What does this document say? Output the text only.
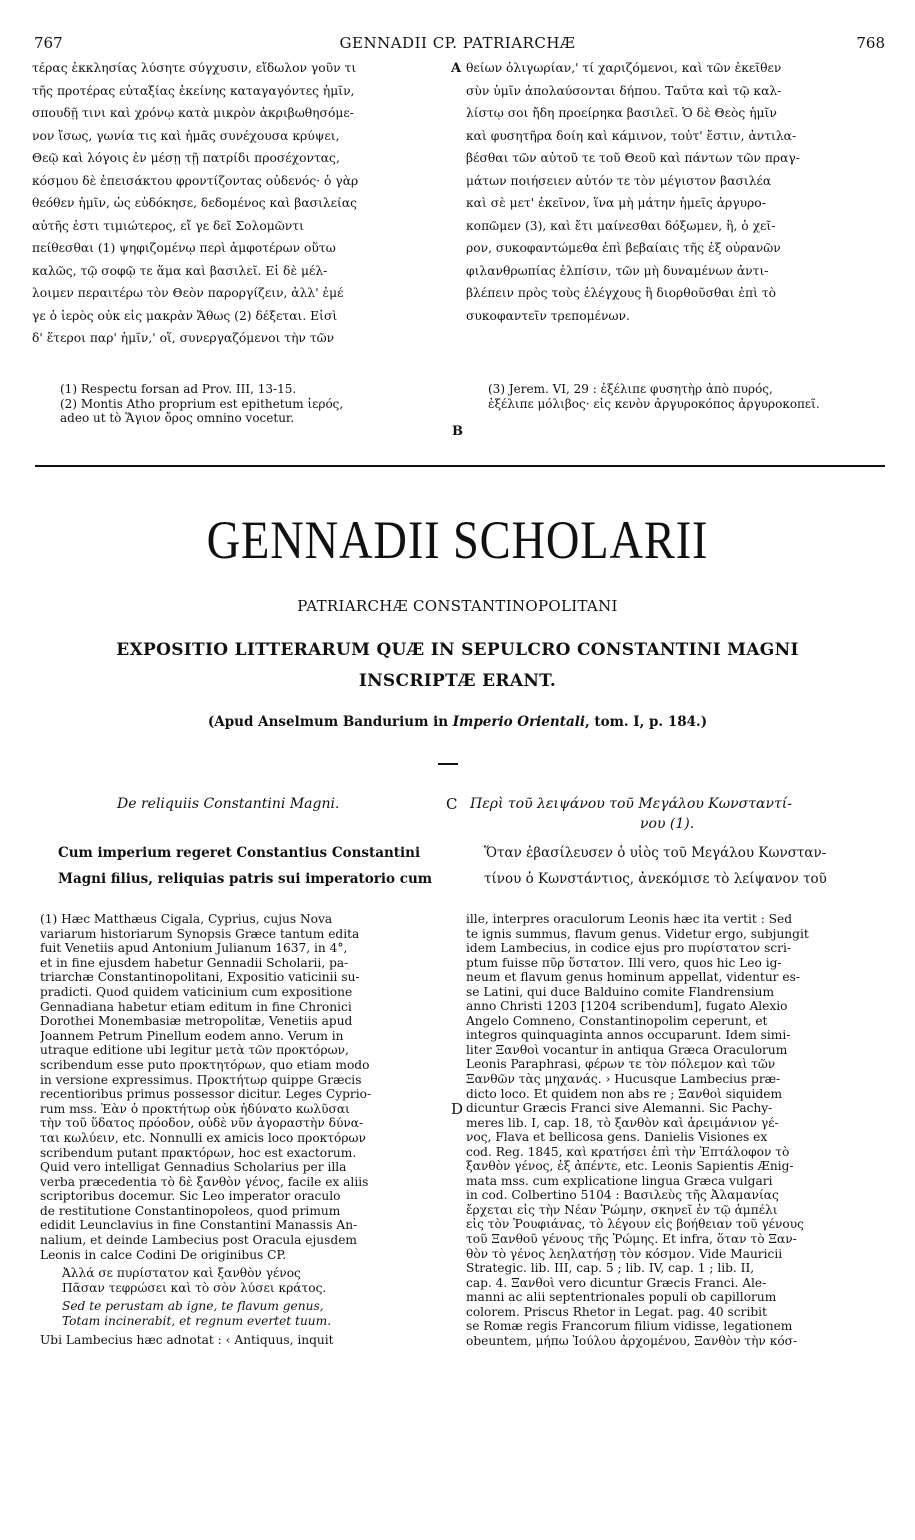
767	GENNADII CP. PATRIARCHÆ	768
τέρας ἐκκλησίας λύσητε σύγχυσιν, εἴδωλον γοῦν τι
τῆς προτέρας εὐταξίας ἐκείνης καταγαγόντες ἡμῖν,
σπουδῇ τινι καὶ χρόνῳ κατὰ μικρὸν ἀκριβωθησόμε-
νον ἴσως, γωνία τις καὶ ἡμᾶς συνέχουσα κρύψει,
Θεῷ καὶ λόγοις ἐν μέσῃ τῇ πατρίδι προσέχοντας,
κόσμου δὲ ἐπεισάκτου φροντίζοντας οὐδενός· ὁ γὰρ
θεόθεν ἡμῖν, ὡς εὐδόκησε, δεδομένος καὶ βασιλείας
αὐτῆς ἐστι τιμιώτερος, εἴ γε δεῖ Σολομῶντι
πείθεσθαι (1) ψηφιζομένῳ περὶ ἀμφοτέρων οὕτω
καλῶς, τῷ σοφῷ τε ἅμα καὶ βασιλεῖ. Εἰ δὲ μέλ-
λοιμεν περαιτέρω τὸν Θεὸν παροργίζειν, ἀλλ' ἐμέ
γε ὁ ἱερὸς οὐκ εἰς μακρὰν Ἄθως (2) δέξεται. Εἰσὶ
δ' ἕτεροι παρ' ἡμῖν,' οἵ, συνεργαζόμενοι τὴν τῶν
A θείων ὀλιγωρίαν,' τί χαριζόμενοι, καὶ τῶν ἐκεῖθεν
σὺν ὑμῖν ἀπολαύσονται δήπου. Ταῦτα καὶ τῷ καλ-
λίστῳ σοι ἤδη προείρηκα βασιλεῖ. Ὁ δὲ Θεὸς ἡμῖν
καὶ φυσητῆρα δοίη καὶ κάμινον, τοὐτ' ἔστιν, ἀντιλα-
βέσθαι τῶν αὐτοῦ τε τοῦ Θεοῦ καὶ πάντων τῶν πραγ-
μάτων ποιήσειεν αὐτόν τε τὸν μέγιστον βασιλέα
καὶ σὲ μετ' ἐκεῖνον, ἵνα μὴ μάτην ἡμεῖς ἀργυρο-
κοπῶμεν (3), καὶ ἔτι μαίνεσθαι δόξωμεν, ἢ, ὁ χεῖ-
ρον, συκοφαντώμεθα ἐπὶ βεβαίαις τῆς ἐξ οὐρανῶν
φιλανθρωπίας ἐλπίσιν, τῶν μὴ δυναμένων ἀντι-
βλέπειν πρὸς τοὺς ἐλέγχους ἢ διορθοῦσθαι ἐπὶ τὸ
συκοφαντεῖν τρεπομένων.
(1) Respectu forsan ad Prov. III, 13-15.
(2) Montis Atho proprium est epithetum ἱερός,
adeo ut tò Ἅγιον ὄρος omnino vocetur.
B
(3) Jerem. VI, 29 : ἐξέλιπε φυσητὴρ ἀπὸ πυρός,
ἐξέλιπε μόλιβος· εἰς κενὸν ἀργυροκόπος ἀργυροκοπεῖ.
GENNADII SCHOLARII
PATRIARCHÆ CONSTANTINOPOLITANI
EXPOSITIO LITTERARUM QUÆ IN SEPULCRO CONSTANTINI MAGNI
INSCRIPTÆ ERANT.
(Apud Anselmum Bandurium in Imperio Orientali, tom. I, p. 184.)
De reliquiis Constantini Magni.	C Περὶ τοῦ λειψάνου τοῦ Μεγάλου Κωνσταντί-
νου (1).
Cum imperium regeret Constantius Constantini
Magni filius, reliquias patris sui imperatorio cum
Ὅταν ἐβασίλευσεν ὁ υἱὸς τοῦ Μεγάλου Κωνσταν-
τίνου ὁ Κωνστάντιος, ἀνεκόμισε τὸ λείψανον τοῦ
(1) Hæc Matthæus Cigala, Cyprius, cujus Nova
variarum historiarum Synopsis Græce tantum edita
fuit Venetiis apud Antonium Julianum 1637, in 4°,
et in fine ejusdem habetur Gennadii Scholarii, pa-
triarchæ Constantinopolitani, Expositio vaticinii su-
pradicti. Quod quidem vaticinium cum expositione
Gennadiana habetur etiam editum in fine Chronici
Dorothei Monembasiæ metropolitæ, Venetiis apud
Joannem Petrum Pinellum eodem anno. Verum in
utraque editione ubi legitur μετὰ τῶν προκτόρων,
scribendum esse puto προκτητόρων, quo etiam modo
in versione expressimus. Προκτήτωρ quippe Græcis
recentioribus primus possessor dicitur. Leges Cyprio-
rum mss. Ἐὰν ὁ προκτήτωρ οὐκ ἠδύνατο κωλῦσαι
τὴν τοῦ ὕδατος πρόοδον, οὐδὲ νῦν ἀγοραστὴν δύνα-
ται κωλύειν, etc. Nonnulli ex amicis loco προκτόρων
scribendum putant πρακτόρων, hoc est exactorum.
Quid vero intelligat Gennadius Scholarius per illa
verba præcedentia τὸ δὲ ξανθὸν γένος, facile ex aliis
scriptoribus docemur. Sic Leo imperator oraculo
de restitutione Constantinopoleos, quod primum
edidit Leunclavius in fine Constantini Manassis An-
nalium, et deinde Lambecius post Oracula ejusdem
Leonis in calce Codini De originibus CP.
Ἀλλά σε πυρίστατον καὶ ξανθὸν γένος
Πᾶσαν τεφρώσει καὶ τὸ σὸν λύσει κράτος.
Sed te perustam ab igne, te flavum genus,
Totam incinerabit, et regnum evertet tuum.
Ubi Lambecius hæc adnotat : ‹ Antiquus, inquit
D
ille, interpres oraculorum Leonis hæc ita vertit : Sed
te ignis summus, flavum genus. Videtur ergo, subjungit
idem Lambecius, in codice ejus pro πυρίστατον scri-
ptum fuisse πῦρ ὕστατον. Illi vero, quos hic Leo ig-
neum et flavum genus hominum appellat, videntur es-
se Latini, qui duce Balduino comite Flandrensium
anno Christi 1203 [1204 scribendum], fugato Alexio
Angelo Comneno, Constantinopolim ceperunt, et
integros quinquaginta annos occuparunt. Idem simi-
liter Ξανθοὶ vocantur in antiqua Græca Oraculorum
Leonis Paraphrasi, φέρων τε τὸν πόλεμον καὶ τῶν
Ξανθῶν τὰς μηχανάς. › Hucusque Lambecius præ-
dicto loco. Et quidem non abs re ; Ξανθοὶ siquidem
dicuntur Græcis Franci sive Alemanni. Sic Pachy-
meres lib. I, cap. 18, τὸ ξανθὸν καὶ ἀρειμάνιον γέ-
νος, Flava et bellicosa gens. Danielis Visiones ex
cod. Reg. 1845, καὶ κρατήσει ἐπὶ τὴν Ἑπτάλοφον τὸ
ξανθὸν γένος, ἐξ ἀπέντε, etc. Leonis Sapientis Ænig-
mata mss. cum explicatione lingua Græca vulgari
in cod. Colbertino 5104 : Βασιλεὺς τῆς Ἀλαμανίας
ἔρχεται εἰς τὴν Νέαν Ῥώμην, σκηνεῖ ἐν τῷ ἀμπέλι
εἰς τὸν Ῥουφιάνας, τὸ λέγουν εἰς βοήθειαν τοῦ γένους
τοῦ Ξανθοῦ γένους τῆς Ῥώμης. Et infra, ὅταν τὸ Ξαν-
θὸν τὸ γένος λεηλατήσῃ τὸν κόσμον. Vide Mauricii
Strategic. lib. III, cap. 5 ; lib. IV, cap. 1 ; lib. II,
cap. 4. Ξανθοὶ vero dicuntur Græcis Franci. Ale-
manni ac alii septentrionales populi ob capillorum
colorem. Priscus Rhetor in Legat. pag. 40 scribit
se Romæ regis Francorum filium vidisse, legationem
obeuntem, μήπω Ἰούλου ἀρχομένου, Ξανθὸν τὴν κόσ-
